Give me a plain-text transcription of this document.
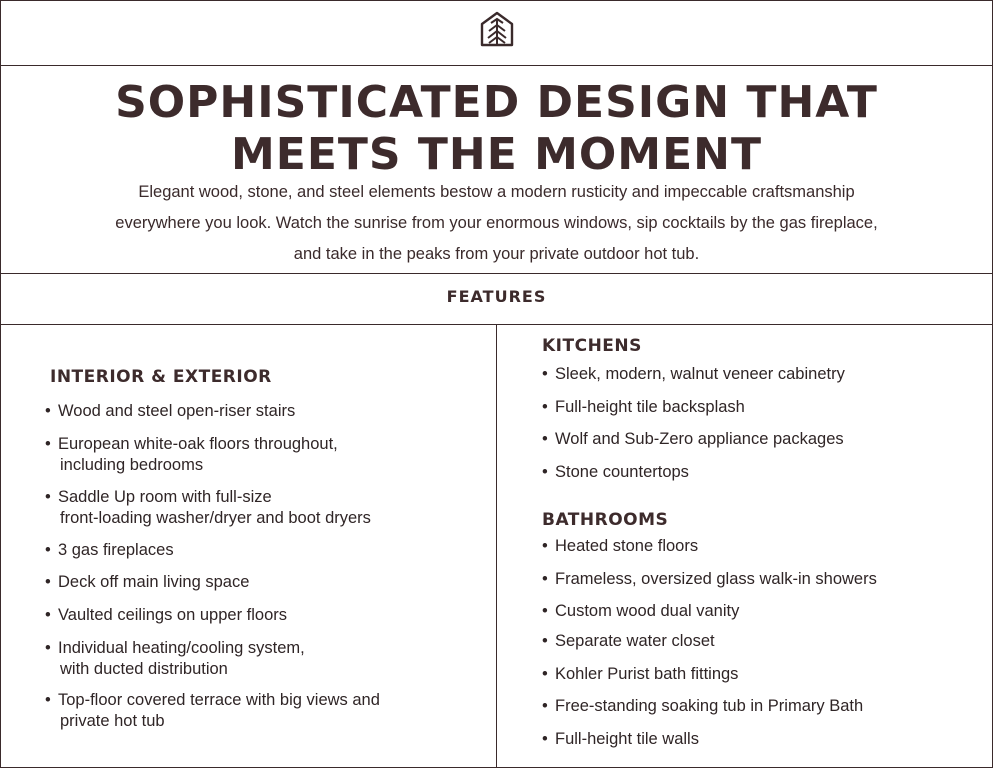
SOPHISTICATED DESIGN THAT
MEETS THE MOMENT
Elegant wood, stone, and steel elements bestow a modern rusticity and impeccable craftsmanship
everywhere you look. Watch the sunrise from your enormous windows, sip cocktails by the gas fireplace,
and take in the peaks from your private outdoor hot tub.
FEATURES
INTERIOR & EXTERIOR
• Wood and steel open-riser stairs
• European white-oak floors throughout,
including bedrooms
• Saddle Up room with full-size
front-loading washer/dryer and boot dryers
• 3 gas fireplaces
• Deck off main living space
• Vaulted ceilings on upper floors
• Individual heating/cooling system,
with ducted distribution
• Top-floor covered terrace with big views and
private hot tub
KITCHENS
• Sleek, modern, walnut veneer cabinetry
• Full-height tile backsplash
• Wolf and Sub-Zero appliance packages
• Stone countertops
BATHROOMS
• Heated stone floors
• Frameless, oversized glass walk-in showers
• Custom wood dual vanity
• Separate water closet
• Kohler Purist bath fittings
• Free-standing soaking tub in Primary Bath
• Full-height tile walls
